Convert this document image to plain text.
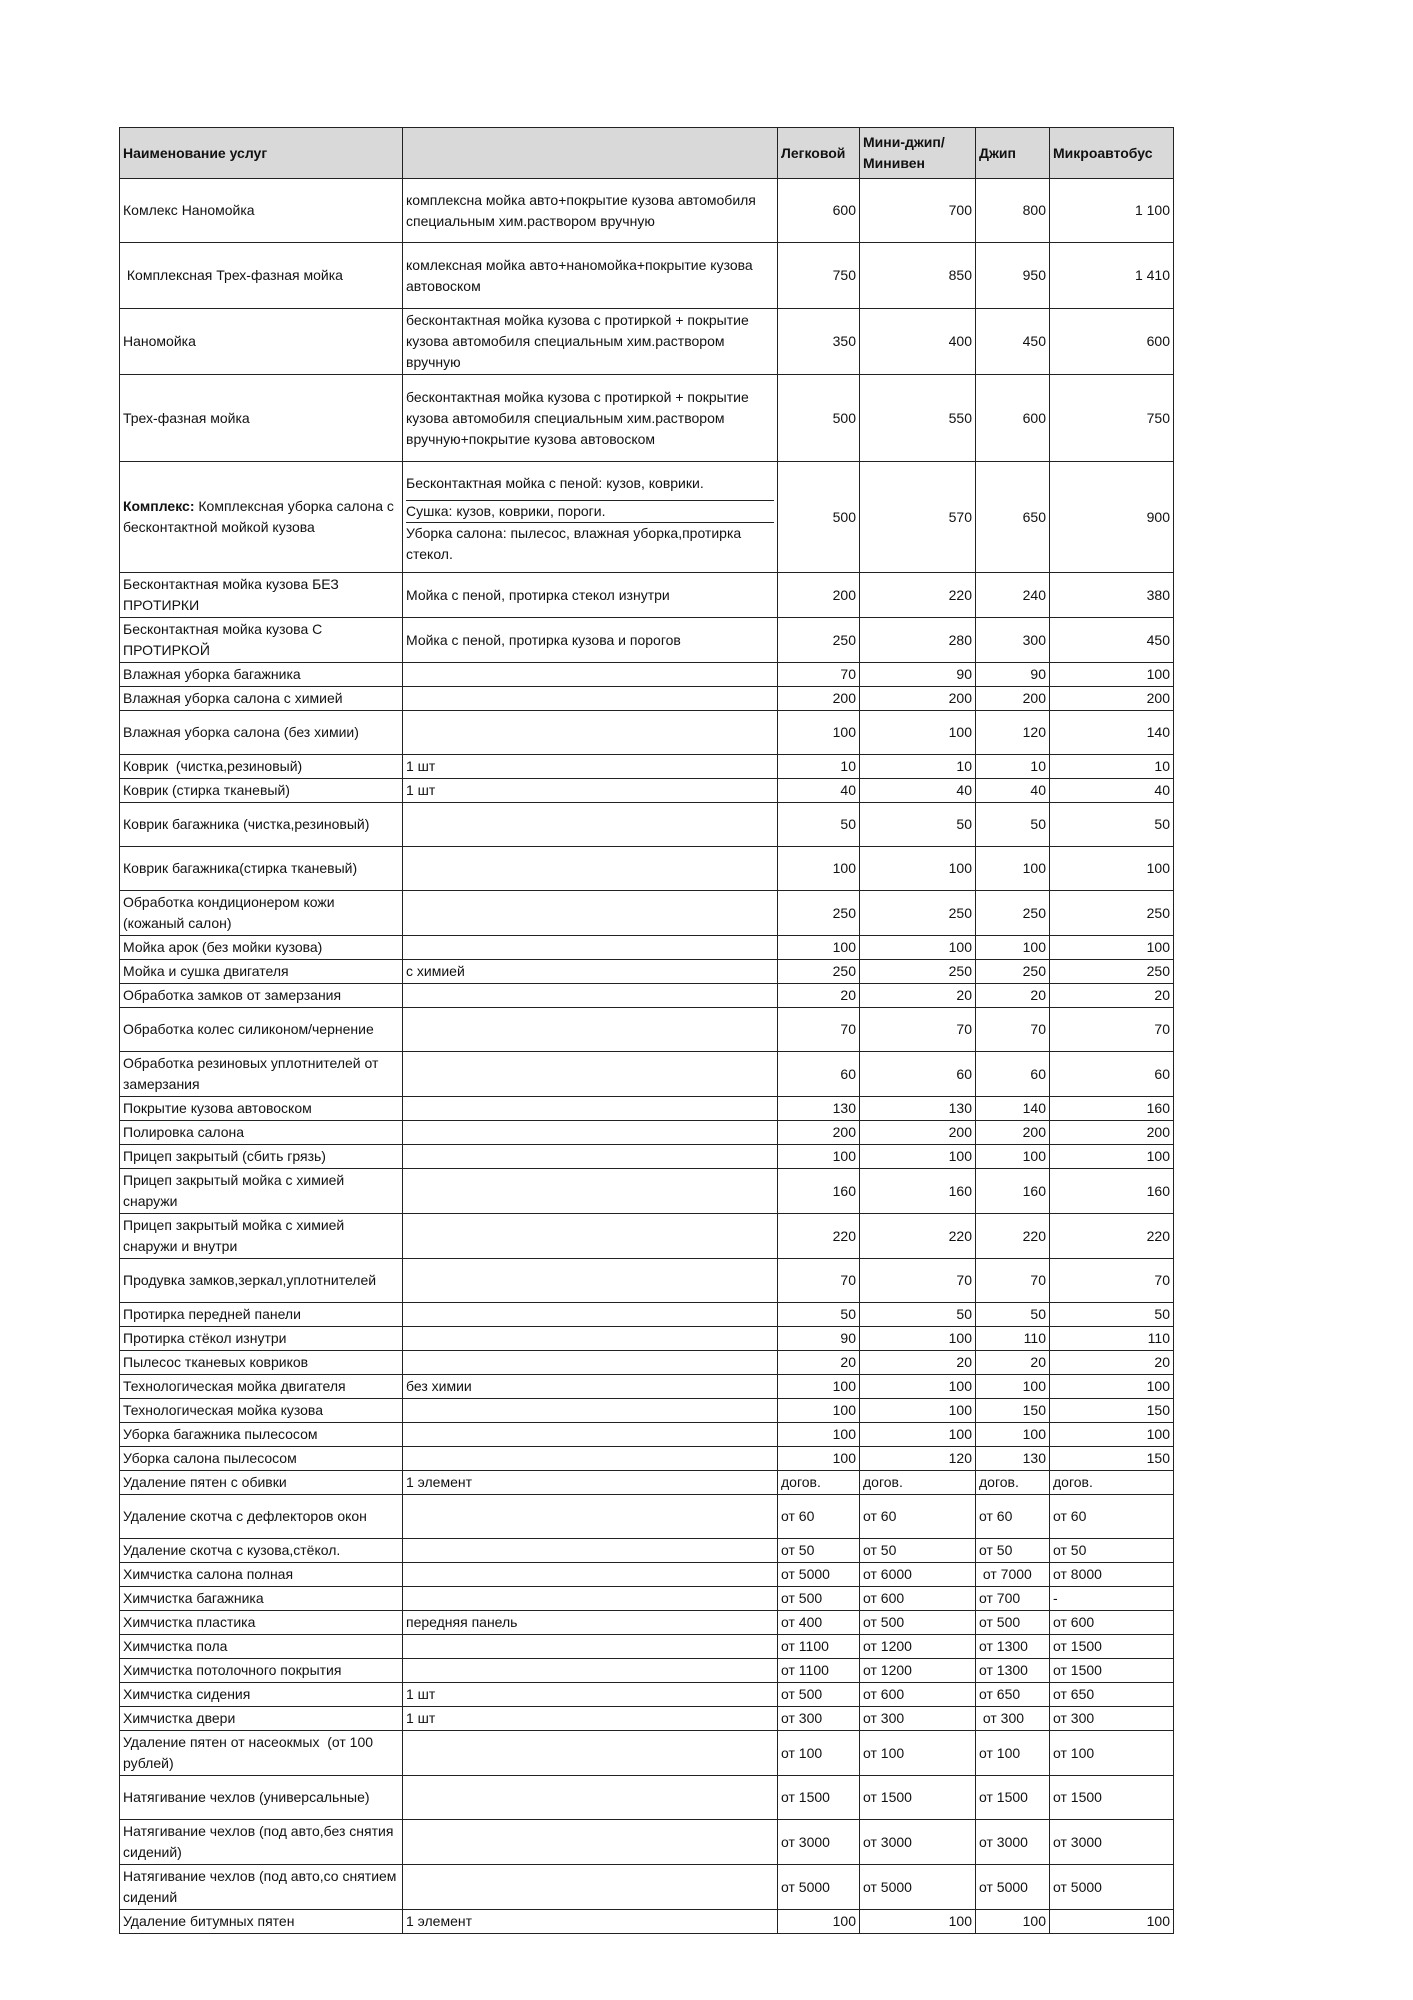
Наименование услуг		Легковой	Мини-джип/ Минивен	Джип	Микроавтобус
Комлекс Наномойка	комплексна мойка авто+покрытие кузова автомобиля специальным хим.раствором вручную	600	700	800	1 100
Комплексная Трех-фазная мойка	комлексная мойка авто+наномойка+покрытие кузова автовоском	750	850	950	1 410
Наномойка	бесконтактная мойка кузова с протиркой + покрытие кузова автомобиля специальным хим.раствором вручную	350	400	450	600
Трех-фазная мойка	бесконтактная мойка кузова с протиркой + покрытие кузова автомобиля специальным хим.раствором вручную+покрытие кузова автовоском	500	550	600	750
Комплекс: Комплексная уборка салона с бесконтактной мойкой кузова	Бесконтактная мойка с пеной: кузов, коврики.
Сушка: кузов, коврики, пороги.
Уборка салона: пылесос, влажная уборка,протирка стекол.	500	570	650	900
Бесконтактная мойка кузова БЕЗ ПРОТИРКИ	Мойка с пеной, протирка стекол изнутри	200	220	240	380
Бесконтактная мойка кузова С ПРОТИРКОЙ	Мойка с пеной, протирка кузова и порогов	250	280	300	450
Влажная уборка багажника		70	90	90	100
Влажная уборка салона с химией		200	200	200	200
Влажная уборка салона (без химии)		100	100	120	140
Коврик  (чистка,резиновый)	1 шт	10	10	10	10
Коврик (стирка тканевый)	1 шт	40	40	40	40
Коврик багажника (чистка,резиновый)		50	50	50	50
Коврик багажника(стирка тканевый)		100	100	100	100
Обработка кондиционером кожи (кожаный салон)		250	250	250	250
Мойка арок (без мойки кузова)		100	100	100	100
Мойка и сушка двигателя	с химией	250	250	250	250
Обработка замков от замерзания		20	20	20	20
Обработка колес силиконом/чернение		70	70	70	70
Обработка резиновых уплотнителей от замерзания		60	60	60	60
Покрытие кузова автовоском		130	130	140	160
Полировка салона		200	200	200	200
Прицеп закрытый (сбить грязь)		100	100	100	100
Прицеп закрытый мойка с химией снаружи		160	160	160	160
Прицеп закрытый мойка с химией снаружи и внутри		220	220	220	220
Продувка замков,зеркал,уплотнителей		70	70	70	70
Протирка передней панели		50	50	50	50
Протирка стёкол изнутри		90	100	110	110
Пылесос тканевых ковриков		20	20	20	20
Технологическая мойка двигателя	без химии	100	100	100	100
Технологическая мойка кузова		100	100	150	150
Уборка багажника пылесосом		100	100	100	100
Уборка салона пылесосом		100	120	130	150
Удаление пятен с обивки	1 элемент	догов.	догов.	догов.	догов.
Удаление скотча с дефлекторов окон		от 60	от 60	от 60	от 60
Удаление скотча с кузова,стёкол.		от 50	от 50	от 50	от 50
Химчистка салона полная		от 5000	от 6000	от 7000	от 8000
Химчистка багажника		от 500	от 600	от 700	-
Химчистка пластика	передняя панель	от 400	от 500	от 500	от 600
Химчистка пола		от 1100	от 1200	от 1300	от 1500
Химчистка потолочного покрытия		от 1100	от 1200	от 1300	от 1500
Химчистка сидения	1 шт	от 500	от 600	от 650	от 650
Химчистка двери	1 шт	от 300	от 300	от 300	от 300
Удаление пятен от насеокмых  (от 100 рублей)		от 100	от 100	от 100	от 100
Натягивание чехлов (универсальные)		от 1500	от 1500	от 1500	от 1500
Натягивание чехлов (под авто,без снятия сидений)		от 3000	от 3000	от 3000	от 3000
Натягивание чехлов (под авто,со снятием сидений		от 5000	от 5000	от 5000	от 5000
Удаление битумных пятен	1 элемент	100	100	100	100
